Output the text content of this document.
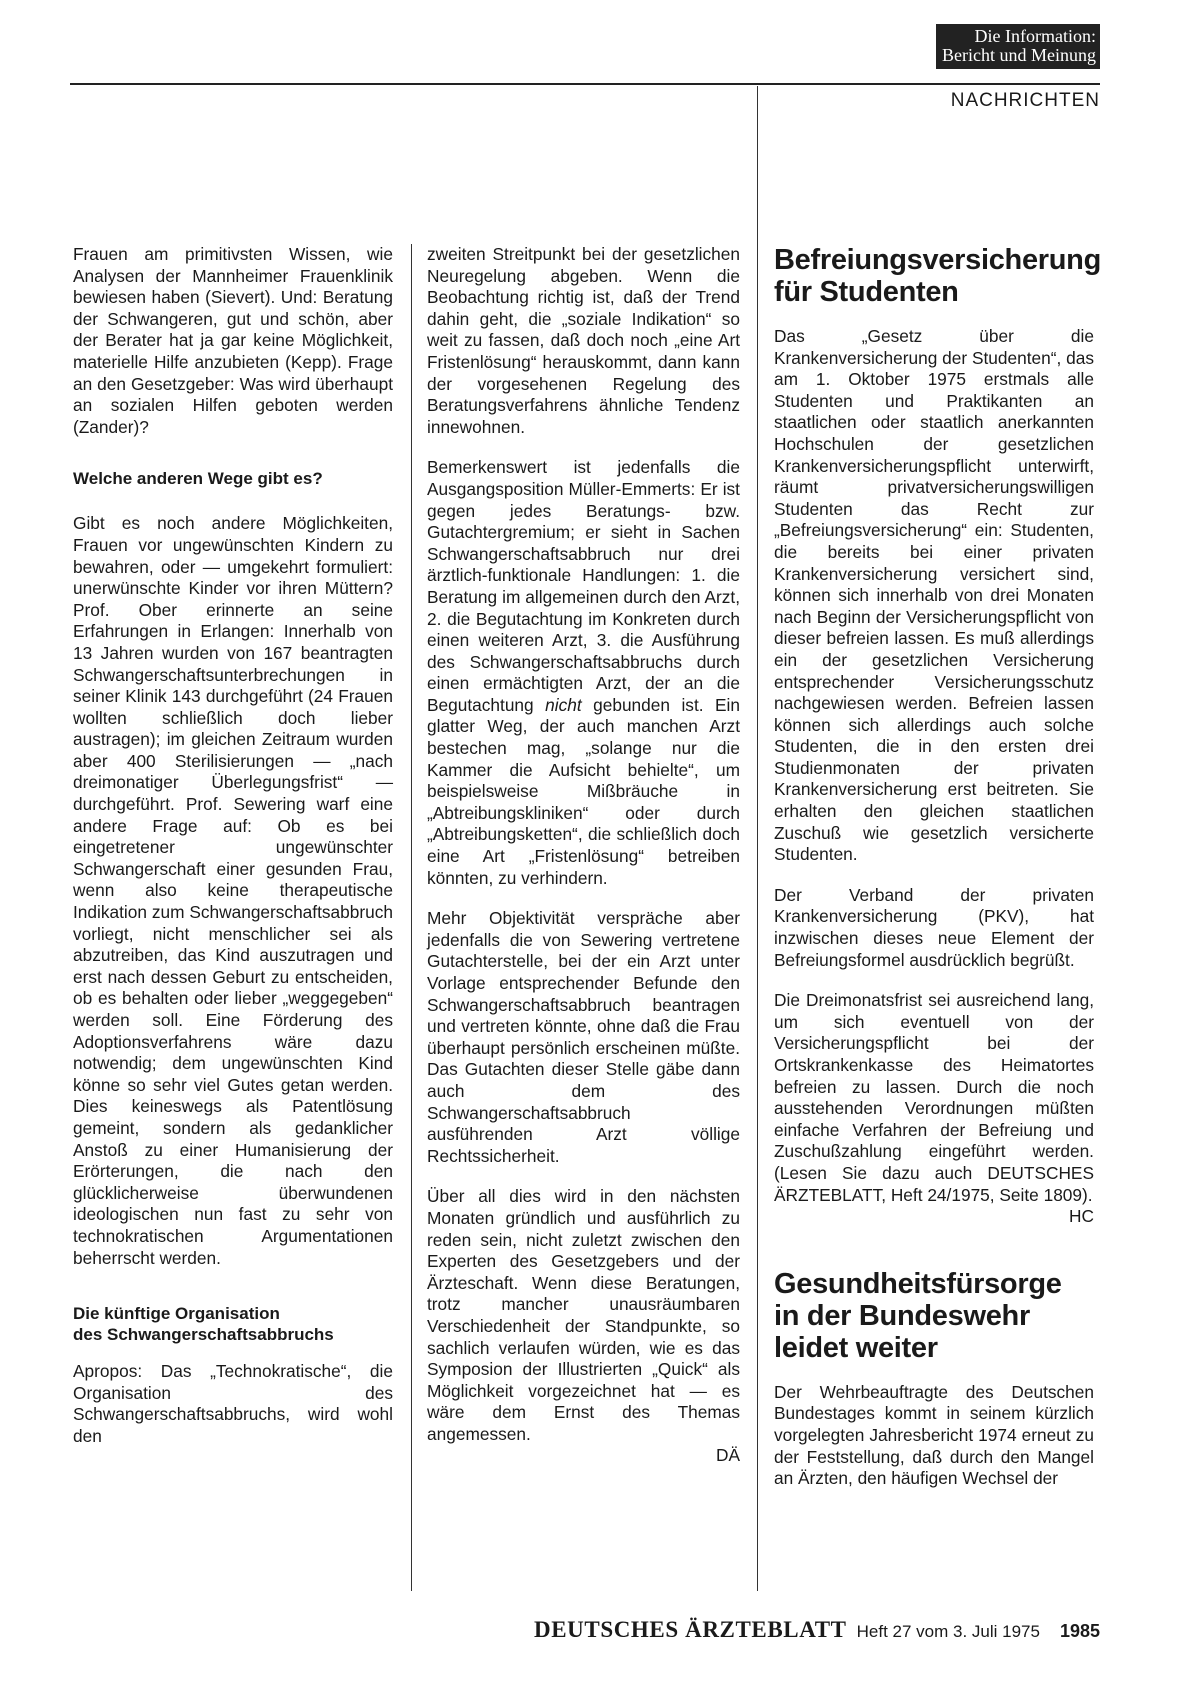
Die Information:
Bericht und Meinung
NACHRICHTEN

Frauen am primitivsten Wissen, wie Analysen der Mannheimer Frauenklinik bewiesen haben (Sievert). Und: Beratung der Schwangeren, gut und schön, aber der Berater hat ja gar keine Möglichkeit, materielle Hilfe anzubieten (Kepp). Frage an den Gesetzgeber: Was wird überhaupt an sozialen Hilfen geboten werden (Zander)?

Welche anderen Wege gibt es?

Gibt es noch andere Möglichkeiten, Frauen vor ungewünschten Kindern zu bewahren, oder — umgekehrt formuliert: unerwünschte Kinder vor ihren Müttern? Prof. Ober erinnerte an seine Erfahrungen in Erlangen: Innerhalb von 13 Jahren wurden von 167 beantragten Schwangerschaftsunterbrechungen in seiner Klinik 143 durchgeführt (24 Frauen wollten schließlich doch lieber austragen); im gleichen Zeitraum wurden aber 400 Sterilisierungen — „nach dreimonatiger Überlegungsfrist“ — durchgeführt. Prof. Sewering warf eine andere Frage auf: Ob es bei eingetretener ungewünschter Schwangerschaft einer gesunden Frau, wenn also keine therapeutische Indikation zum Schwangerschaftsabbruch vorliegt, nicht menschlicher sei als abzutreiben, das Kind auszutragen und erst nach dessen Geburt zu entscheiden, ob es behalten oder lieber „weggegeben“ werden soll. Eine Förderung des Adoptionsverfahrens wäre dazu notwendig; dem ungewünschten Kind könne so sehr viel Gutes getan werden. Dies keineswegs als Patentlösung gemeint, sondern als gedanklicher Anstoß zu einer Humanisierung der Erörterungen, die nach den glücklicherweise überwundenen ideologischen nun fast zu sehr von technokratischen Argumentationen beherrscht werden.

Die künftige Organisation
des Schwangerschaftsabbruchs

Apropos: Das „Technokratische“, die Organisation des Schwangerschaftsabbruchs, wird wohl den

zweiten Streitpunkt bei der gesetzlichen Neuregelung abgeben. Wenn die Beobachtung richtig ist, daß der Trend dahin geht, die „soziale Indikation“ so weit zu fassen, daß doch noch „eine Art Fristenlösung“ herauskommt, dann kann der vorgesehenen Regelung des Beratungsverfahrens ähnliche Tendenz innewohnen.

Bemerkenswert ist jedenfalls die Ausgangsposition Müller-Emmerts: Er ist gegen jedes Beratungs- bzw. Gutachtergremium; er sieht in Sachen Schwangerschaftsabbruch nur drei ärztlich-funktionale Handlungen: 1. die Beratung im allgemeinen durch den Arzt, 2. die Begutachtung im Konkreten durch einen weiteren Arzt, 3. die Ausführung des Schwangerschaftsabbruchs durch einen ermächtigten Arzt, der an die Begutachtung nicht gebunden ist. Ein glatter Weg, der auch manchen Arzt bestechen mag, „solange nur die Kammer die Aufsicht behielte“, um beispielsweise Mißbräuche in „Abtreibungskliniken“ oder durch „Abtreibungsketten“, die schließlich doch eine Art „Fristenlösung“ betreiben könnten, zu verhindern.

Mehr Objektivität verspräche aber jedenfalls die von Sewering vertretene Gutachterstelle, bei der ein Arzt unter Vorlage entsprechender Befunde den Schwangerschaftsabbruch beantragen und vertreten könnte, ohne daß die Frau überhaupt persönlich erscheinen müßte. Das Gutachten dieser Stelle gäbe dann auch dem des Schwangerschaftsabbruch ausführenden Arzt völlige Rechtssicherheit.

Über all dies wird in den nächsten Monaten gründlich und ausführlich zu reden sein, nicht zuletzt zwischen den Experten des Gesetzgebers und der Ärzteschaft. Wenn diese Beratungen, trotz mancher unausräumbaren Verschiedenheit der Standpunkte, so sachlich verlaufen würden, wie es das Symposion der Illustrierten „Quick“ als Möglichkeit vorgezeichnet hat — es wäre dem Ernst des Themas angemessen.

DÄ
Befreiungsversicherung
für Studenten

Das „Gesetz über die Krankenversicherung der Studenten“, das am 1. Oktober 1975 erstmals alle Studenten und Praktikanten an staatlichen oder staatlich anerkannten Hochschulen der gesetzlichen Krankenversicherungspflicht unterwirft, räumt privatversicherungswilligen Studenten das Recht zur „Befreiungsversicherung“ ein: Studenten, die bereits bei einer privaten Krankenversicherung versichert sind, können sich innerhalb von drei Monaten nach Beginn der Versicherungspflicht von dieser befreien lassen. Es muß allerdings ein der gesetzlichen Versicherung entsprechender Versicherungsschutz nachgewiesen werden. Befreien lassen können sich allerdings auch solche Studenten, die in den ersten drei Studienmonaten der privaten Krankenversicherung erst beitreten. Sie erhalten den gleichen staatlichen Zuschuß wie gesetzlich versicherte Studenten.

Der Verband der privaten Krankenversicherung (PKV), hat inzwischen dieses neue Element der Befreiungsformel ausdrücklich begrüßt.

Die Dreimonatsfrist sei ausreichend lang, um sich eventuell von der Versicherungspflicht bei der Ortskrankenkasse des Heimatortes befreien zu lassen. Durch die noch ausstehenden Verordnungen müßten einfache Verfahren der Befreiung und Zuschußzahlung eingeführt werden. (Lesen Sie dazu auch DEUTSCHES ÄRZTEBLATT, Heft 24/1975, Seite 1809).

HC
Gesundheitsfürsorge
in der Bundeswehr
leidet weiter

Der Wehrbeauftragte des Deutschen Bundestages kommt in seinem kürzlich vorgelegten Jahresbericht 1974 erneut zu der Feststellung, daß durch den Mangel an Ärzten, den häufigen Wechsel der

DEUTSCHES ÄRZTEBLATT Heft 27 vom 3. Juli 1975 1985
